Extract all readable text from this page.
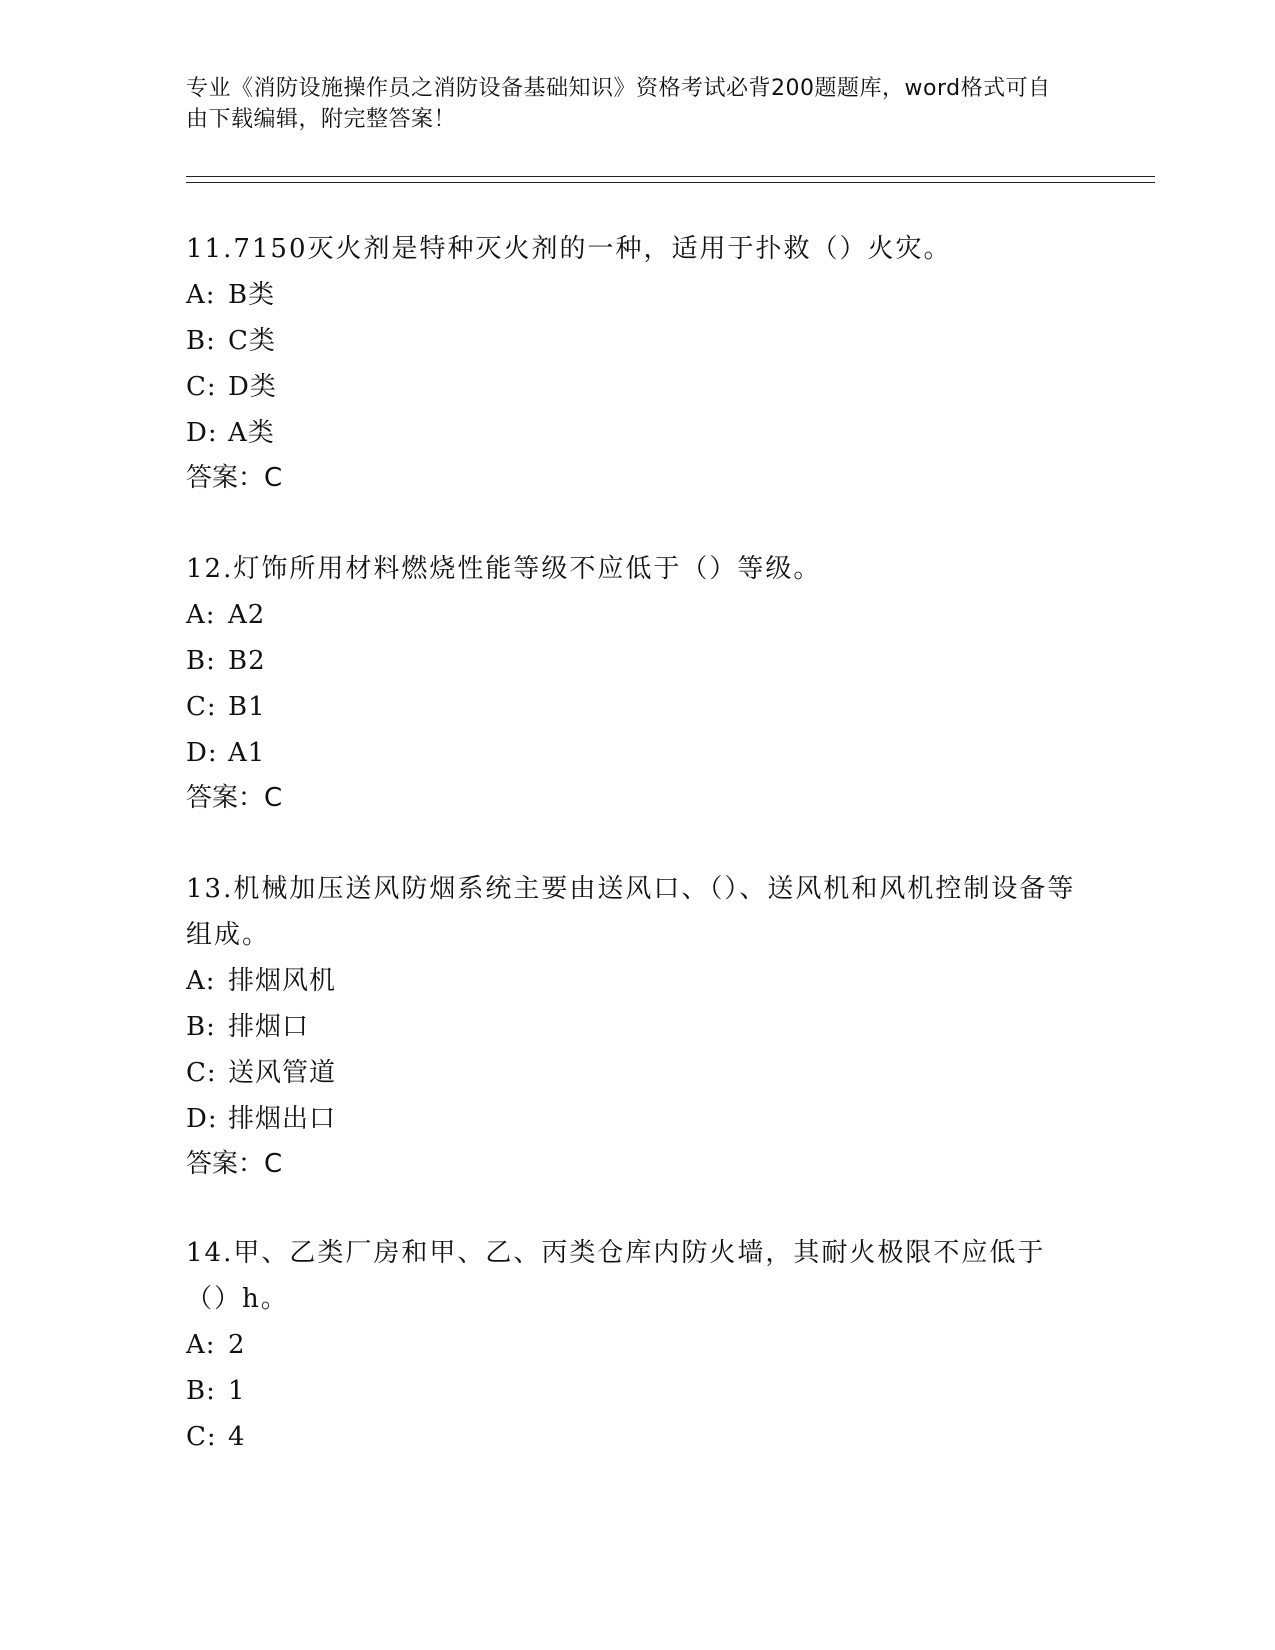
专业《消防设施操作员之消防设备基础知识》资格考试必背200题题库，word格式可自由下载编辑，附完整答案！

11.7150灭火剂是特种灭火剂的一种，适用于扑救（）火灾。

A: B类

B: C类

C: D类

D: A类

答案：C

12.灯饰所用材料燃烧性能等级不应低于（）等级。

A: A2

B: B2

C: B1

D: A1

答案：C

13.机械加压送风防烟系统主要由送风口、（）、送风机和风机控制设备等组成。

A: 排烟风机

B: 排烟口

C: 送风管道

D: 排烟出口

答案：C

14.甲、乙类厂房和甲、乙、丙类仓库内防火墙，其耐火极限不应低于（）h。

A: 2

B: 1

C: 4
